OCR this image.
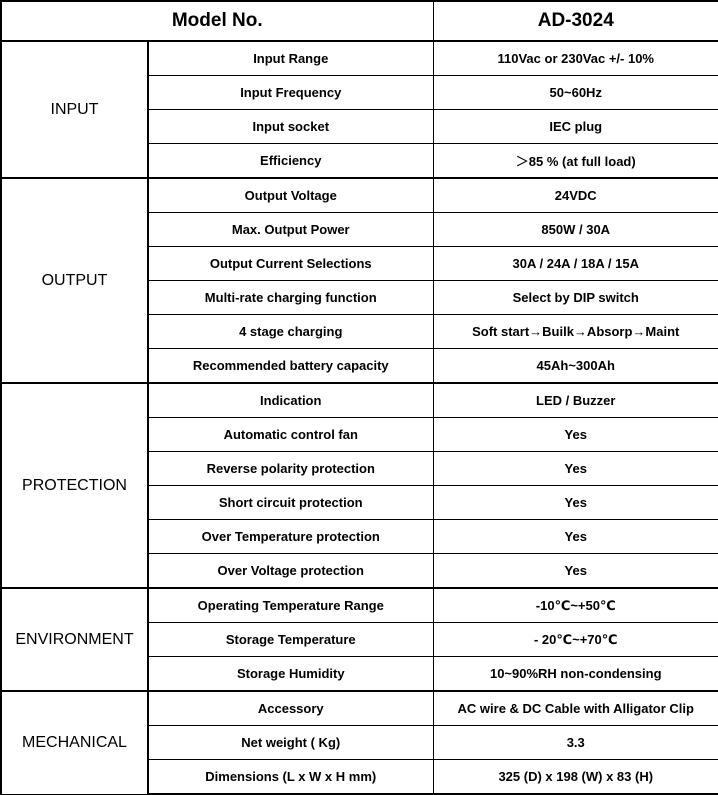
Model No.		AD-3024
INPUT	Input Range	110Vac or 230Vac +/- 10%
	Input Frequency	50~60Hz
	Input socket	IEC plug
	Efficiency	＞85 % (at full load)
OUTPUT	Output Voltage	24VDC
	Max. Output Power	850W / 30A
	Output Current Selections	30A / 24A / 18A / 15A
	Multi-rate charging function	Select by DIP switch
	4 stage charging	Soft start→Builk→Absorp→Maint
	Recommended battery capacity	45Ah~300Ah
PROTECTION	Indication	LED / Buzzer
	Automatic control fan	Yes
	Reverse polarity protection	Yes
	Short circuit protection	Yes
	Over Temperature protection	Yes
	Over Voltage protection	Yes
ENVIRONMENT	Operating Temperature Range	-10℃~+50℃
	Storage Temperature	- 20℃~+70℃
	Storage Humidity	10~90%RH non-condensing
MECHANICAL	Accessory	AC wire & DC Cable with Alligator Clip
	Net weight ( Kg)	3.3
	Dimensions (L x W x H mm)	325 (D) x 198 (W) x 83 (H)
